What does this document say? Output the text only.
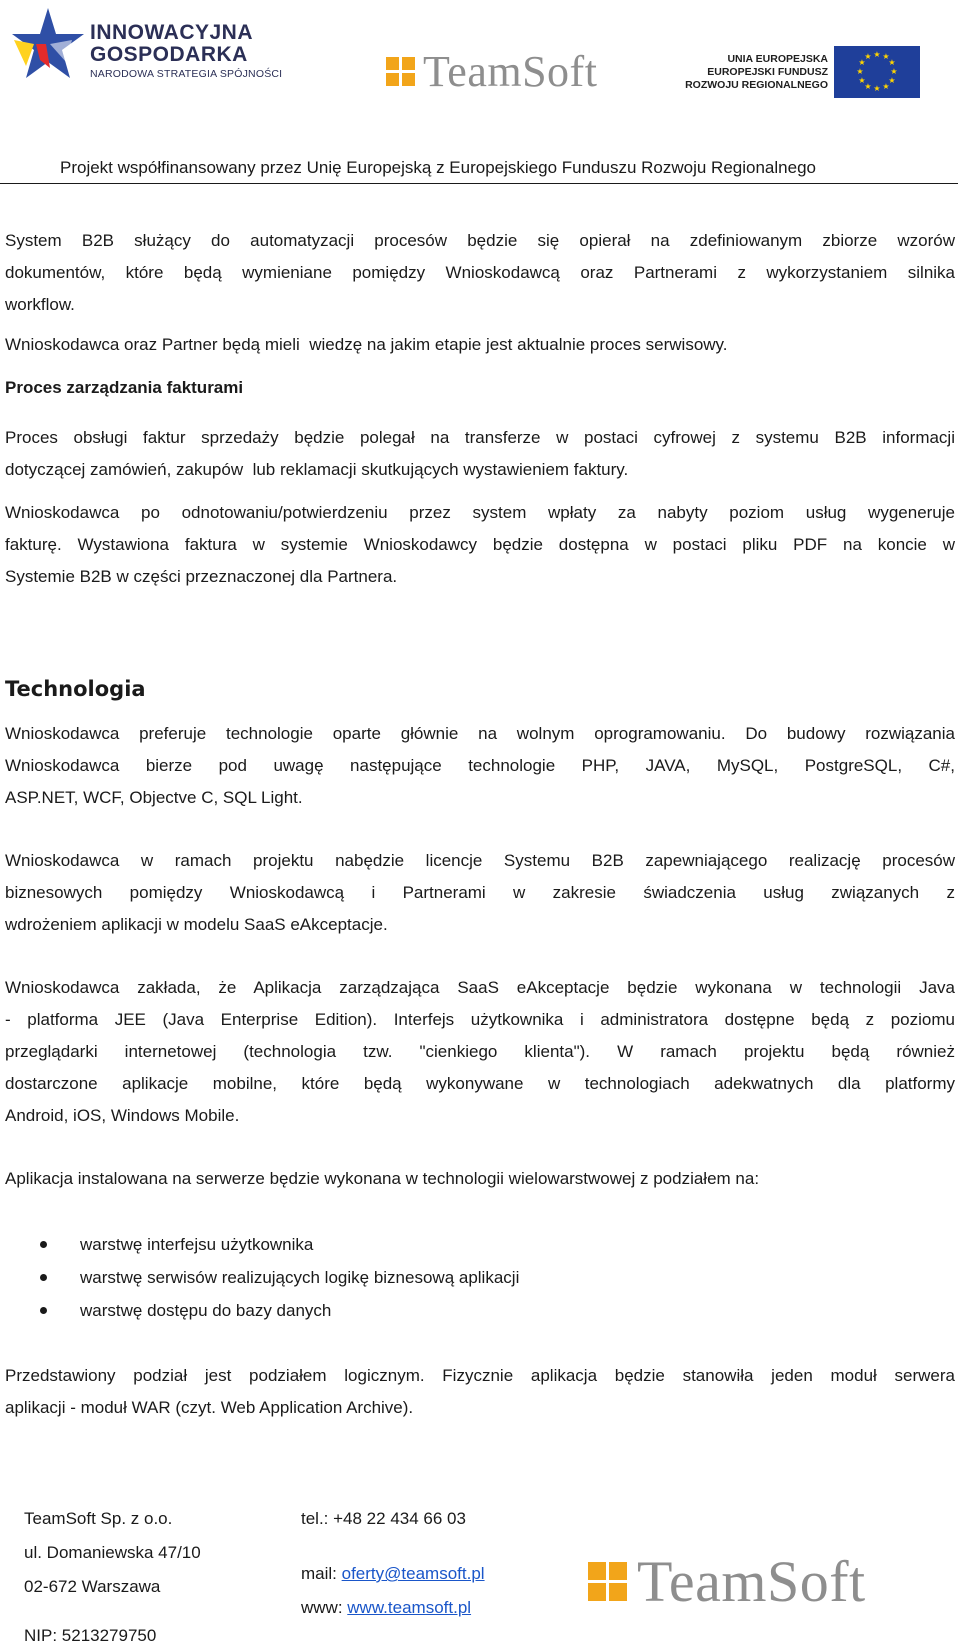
INNOWACYJNA
GOSPODARKA
NARODOWA STRATEGIA SPÓJNOŚCI	TeamSoft	UNIA EUROPEJSKA
EUROPEJSKI FUNDUSZ
ROZWOJU REGIONALNEGO
★ ★
★
★
★
★
★
★
★
★
★
★
Projekt współfinansowany przez Unię Europejską z Europejskiego Funduszu Rozwoju Regionalnego
System B2B służący do automatyzacji procesów będzie się opierał na zdefiniowanym zbiorze wzorów
dokumentów, które będą wymieniane pomiędzy Wnioskodawcą oraz Partnerami z wykorzystaniem silnika
workflow.
Wnioskodawca oraz Partner będą mieli  wiedzę na jakim etapie jest aktualnie proces serwisowy.
Proces zarządzania fakturami
Proces obsługi faktur sprzedaży będzie polegał na transferze w postaci cyfrowej z systemu B2B informacji
dotyczącej zamówień, zakupów  lub reklamacji skutkujących wystawieniem faktury.
Wnioskodawca po odnotowaniu/potwierdzeniu przez system wpłaty za nabyty poziom usług wygeneruje
fakturę. Wystawiona faktura w systemie Wnioskodawcy będzie dostępna w postaci pliku PDF na koncie w
Systemie B2B w części przeznaczonej dla Partnera.
Technologia
Wnioskodawca preferuje technologie oparte głównie na wolnym oprogramowaniu. Do budowy rozwiązania
Wnioskodawca bierze pod uwagę następujące technologie PHP, JAVA, MySQL, PostgreSQL, C#,
ASP.NET, WCF, Objectve C, SQL Light.
Wnioskodawca w ramach projektu nabędzie licencje Systemu B2B zapewniającego realizację procesów
biznesowych pomiędzy Wnioskodawcą i Partnerami w zakresie świadczenia usług związanych z
wdrożeniem aplikacji w modelu SaaS eAkceptacje.
Wnioskodawca zakłada, że Aplikacja zarządzająca SaaS eAkceptacje będzie wykonana w technologii Java
- platforma JEE (Java Enterprise Edition). Interfejs użytkownika i administratora dostępne będą z poziomu
przeglądarki internetowej (technologia tzw. "cienkiego klienta"). W ramach projektu będą również
dostarczone aplikacje mobilne, które będą wykonywane w technologiach adekwatnych dla platformy
Android, iOS, Windows Mobile.
Aplikacja instalowana na serwerze będzie wykonana w technologii wielowarstwowej z podziałem na:
warstwę interfejsu użytkownika
warstwę serwisów realizujących logikę biznesową aplikacji
warstwę dostępu do bazy danych
Przedstawiony podział jest podziałem logicznym. Fizycznie aplikacja będzie stanowiła jeden moduł serwera
aplikacji - moduł WAR (czyt. Web Application Archive).
TeamSoft Sp. z o.o.
ul. Domaniewska 47/10
02-672 Warszawa
NIP: 5213279750
tel.: +48 22 434 66 03
mail: oferty@teamsoft.pl
www: www.teamsoft.pl	TeamSoft
